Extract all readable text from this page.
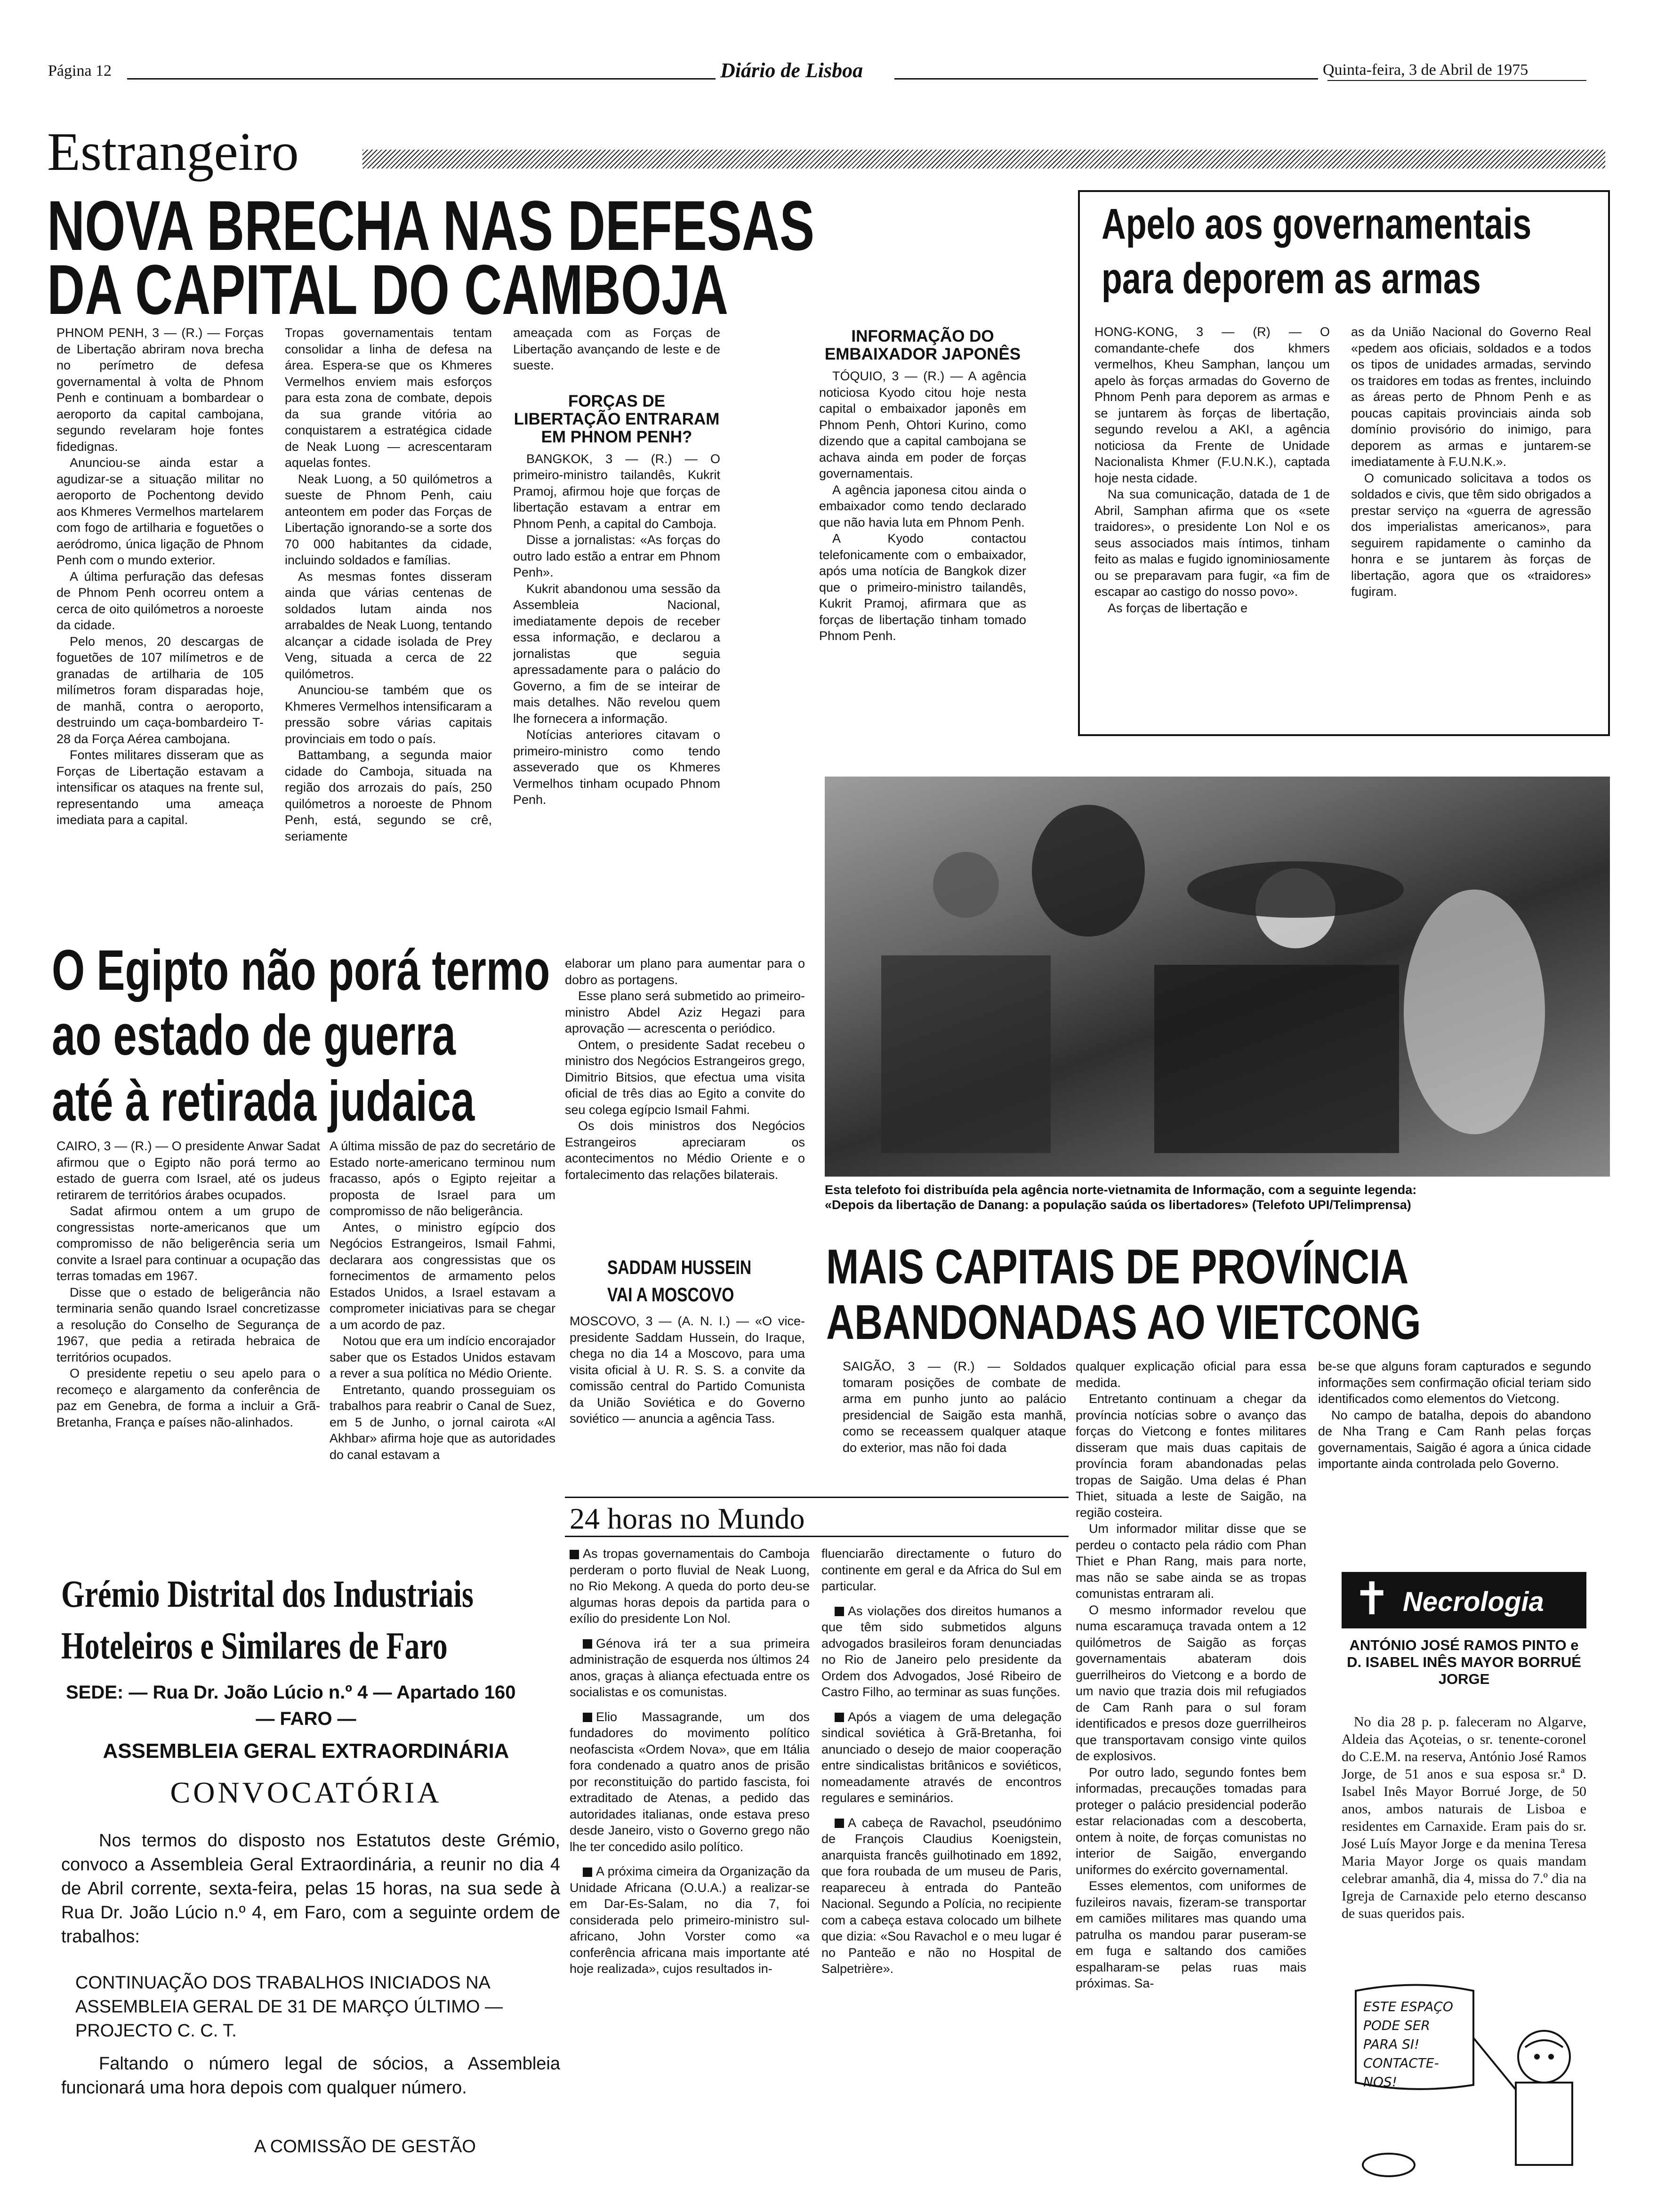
Página 12	Diário de Lisboa	Quinta-feira, 3 de Abril de 1975
Estrangeiro
NOVA BRECHA NAS DEFESAS
DA CAPITAL DO CAMBOJA

PHNOM PENH, 3 — (R.) — Forças de Libertação abriram nova brecha no perímetro de defesa governamental à volta de Phnom Penh e continuam a bombardear o aeroporto da capital cambojana, segundo revelaram hoje fontes fidedignas.

Anunciou-se ainda estar a agudizar-se a situação militar no aeroporto de Pochentong devido aos Khmeres Vermelhos martelarem com fogo de artilharia e foguetões o aeródromo, única ligação de Phnom Penh com o mundo exterior.

A última perfuração das defesas de Phnom Penh ocorreu ontem a cerca de oito quilómetros a noroeste da cidade.

Pelo menos, 20 descargas de foguetões de 107 milímetros e de granadas de artilharia de 105 milímetros foram disparadas hoje, de manhã, contra o aeroporto, destruindo um caça-bombardeiro T-28 da Força Aérea cambojana.

Fontes militares disseram que as Forças de Libertação estavam a intensificar os ataques na frente sul, representando uma ameaça imediata para a capital.

Tropas governamentais tentam consolidar a linha de defesa na área. Espera-se que os Khmeres Vermelhos enviem mais esforços para esta zona de combate, depois da sua grande vitória ao conquistarem a estratégica cidade de Neak Luong — acrescentaram aquelas fontes.

Neak Luong, a 50 quilómetros a sueste de Phnom Penh, caiu anteontem em poder das Forças de Libertação ignorando-se a sorte dos 70 000 habitantes da cidade, incluindo soldados e famílias.

As mesmas fontes disseram ainda que várias centenas de soldados lutam ainda nos arrabaldes de Neak Luong, tentando alcançar a cidade isolada de Prey Veng, situada a cerca de 22 quilómetros.

Anunciou-se também que os Khmeres Vermelhos intensificaram a pressão sobre várias capitais provinciais em todo o país.

Battambang, a segunda maior cidade do Camboja, situada na região dos arrozais do país, 250 quilómetros a noroeste de Phnom Penh, está, segundo se crê, seriamente

ameaçada com as Forças de Libertação avançando de leste e de sueste.

FORÇAS DE LIBERTAÇÃO ENTRARAM EM PHNOM PENH?

BANGKOK, 3 — (R.) — O primeiro-ministro tailandês, Kukrit Pramoj, afirmou hoje que forças de libertação estavam a entrar em Phnom Penh, a capital do Camboja.

Disse a jornalistas: «As forças do outro lado estão a entrar em Phnom Penh».

Kukrit abandonou uma sessão da Assembleia Nacional, imediatamente depois de receber essa informação, e declarou a jornalistas que seguia apressadamente para o palácio do Governo, a fim de se inteirar de mais detalhes. Não revelou quem lhe fornecera a informação.

Notícias anteriores citavam o primeiro-ministro como tendo asseverado que os Khmeres Vermelhos tinham ocupado Phnom Penh.

INFORMAÇÃO DO EMBAIXADOR JAPONÊS

TÓQUIO, 3 — (R.) — A agência noticiosa Kyodo citou hoje nesta capital o embaixador japonês em Phnom Penh, Ohtori Kurino, como dizendo que a capital cambojana se achava ainda em poder de forças governamentais.

A agência japonesa citou ainda o embaixador como tendo declarado que não havia luta em Phnom Penh.

A Kyodo contactou telefonicamente com o embaixador, após uma notícia de Bangkok dizer que o primeiro-ministro tailandês, Kukrit Pramoj, afirmara que as forças de libertação tinham tomado Phnom Penh.

Apelo aos governamentais
para deporem as armas

HONG-KONG, 3 — (R) — O comandante-chefe dos khmers vermelhos, Kheu Samphan, lançou um apelo às forças armadas do Governo de Phnom Penh para deporem as armas e se juntarem às forças de libertação, segundo revelou a AKI, a agência noticiosa da Frente de Unidade Nacionalista Khmer (F.U.N.K.), captada hoje nesta cidade.

Na sua comunicação, datada de 1 de Abril, Samphan afirma que os «sete traidores», o presidente Lon Nol e os seus associados mais íntimos, tinham feito as malas e fugido ignominiosamente ou se preparavam para fugir, «a fim de escapar ao castigo do nosso povo».

As forças de libertação e

as da União Nacional do Governo Real «pedem aos oficiais, soldados e a todos os tipos de unidades armadas, servindo os traidores em todas as frentes, incluindo as áreas perto de Phnom Penh e as poucas capitais provinciais ainda sob domínio provisório do inimigo, para deporem as armas e juntarem-se imediatamente à F.U.N.K.».

O comunicado solicitava a todos os soldados e civis, que têm sido obrigados a prestar serviço na «guerra de agressão dos imperialistas americanos», para seguirem rapidamente o caminho da honra e se juntarem às forças de libertação, agora que os «traidores» fugiram.

Esta telefoto foi distribuída pela agência norte-vietnamita de Informação, com a seguinte legenda:
«Depois da libertação de Danang: a população saúda os libertadores» (Telefoto UPI/Telimprensa)
O Egipto não porá termo
ao estado de guerra
até à retirada judaica

CAIRO, 3 — (R.) — O presidente Anwar Sadat afirmou que o Egipto não porá termo ao estado de guerra com Israel, até os judeus retirarem de territórios árabes ocupados.

Sadat afirmou ontem a um grupo de congressistas norte-americanos que um compromisso de não beligerência seria um convite a Israel para continuar a ocupação das terras tomadas em 1967.

Disse que o estado de beligerância não terminaria senão quando Israel concretizasse a resolução do Conselho de Segurança de 1967, que pedia a retirada hebraica de territórios ocupados.

O presidente repetiu o seu apelo para o recomeço e alargamento da conferência de paz em Genebra, de forma a incluir a Grã-Bretanha, França e países não-alinhados.

A última missão de paz do secretário de Estado norte-americano terminou num fracasso, após o Egipto rejeitar a proposta de Israel para um compromisso de não beligerância.

Antes, o ministro egípcio dos Negócios Estrangeiros, Ismail Fahmi, declarara aos congressistas que os fornecimentos de armamento pelos Estados Unidos, a Israel estavam a comprometer iniciativas para se chegar a um acordo de paz.

Notou que era um indício encorajador saber que os Estados Unidos estavam a rever a sua política no Médio Oriente.

Entretanto, quando prosseguiam os trabalhos para reabrir o Canal de Suez, em 5 de Junho, o jornal cairota «Al Akhbar» afirma hoje que as autoridades do canal estavam a

elaborar um plano para aumentar para o dobro as portagens.

Esse plano será submetido ao primeiro-ministro Abdel Aziz Hegazi para aprovação — acrescenta o periódico.

Ontem, o presidente Sadat recebeu o ministro dos Negócios Estrangeiros grego, Dimitrio Bitsios, que efectua uma visita oficial de três dias ao Egito a convite do seu colega egípcio Ismail Fahmi.

Os dois ministros dos Negócios Estrangeiros apreciaram os acontecimentos no Médio Oriente e o fortalecimento das relações bilaterais.

SADDAM HUSSEIN
VAI A MOSCOVO

MOSCOVO, 3 — (A. N. I.) — «O vice-presidente Saddam Hussein, do Iraque, chega no dia 14 a Moscovo, para uma visita oficial à U. R. S. S. a convite da comissão central do Partido Comunista da União Soviética e do Governo soviético — anuncia a agência Tass.

Grémio Distrital dos Industriais
Hoteleiros e Similares de Faro
SEDE: — Rua Dr. João Lúcio n.º 4 — Apartado 160
— FARO —
ASSEMBLEIA GERAL EXTRAORDINÁRIA
CONVOCATÓRIA
Nos termos do disposto nos Estatutos deste Grémio, convoco a Assembleia Geral Extraordinária, a reunir no dia 4 de Abril corrente, sexta-feira, pelas 15 horas, na sua sede à Rua Dr. João Lúcio n.º 4, em Faro, com a seguinte ordem de trabalhos:
CONTINUAÇÃO DOS TRABALHOS INICIADOS NA ASSEMBLEIA GERAL DE 31 DE MARÇO ÚLTIMO — PROJECTO C. C. T.
Faltando o número legal de sócios, a Assembleia funcionará uma hora depois com qualquer número.
A COMISSÃO DE GESTÃO
MAIS CAPITAIS DE PROVÍNCIA
ABANDONADAS AO VIETCONG

SAIGÃO, 3 — (R.) — Soldados tomaram posições de combate de arma em punho junto ao palácio presidencial de Saigão esta manhã, como se receassem qualquer ataque do exterior, mas não foi dada

qualquer explicação oficial para essa medida.

Entretanto continuam a chegar da província notícias sobre o avanço das forças do Vietcong e fontes militares disseram que mais duas capitais de província foram abandonadas pelas tropas de Saigão. Uma delas é Phan Thiet, situada a leste de Saigão, na região costeira.

Um informador militar disse que se perdeu o contacto pela rádio com Phan Thiet e Phan Rang, mais para norte, mas não se sabe ainda se as tropas comunistas entraram ali.

O mesmo informador revelou que numa escaramuça travada ontem a 12 quilómetros de Saigão as forças governamentais abateram dois guerrilheiros do Vietcong e a bordo de um navio que trazia dois mil refugiados de Cam Ranh para o sul foram identificados e presos doze guerrilheiros que transportavam consigo vinte quilos de explosivos.

Por outro lado, segundo fontes bem informadas, precauções tomadas para proteger o palácio presidencial poderão estar relacionadas com a descoberta, ontem à noite, de forças comunistas no interior de Saigão, envergando uniformes do exército governamental.

Esses elementos, com uniformes de fuzileiros navais, fizeram-se transportar em camiões militares mas quando uma patrulha os mandou parar puseram-se em fuga e saltando dos camiões espalharam-se pelas ruas mais próximas. Sa-

be-se que alguns foram capturados e segundo informações sem confirmação oficial teriam sido identificados como elementos do Vietcong.

No campo de batalha, depois do abandono de Nha Trang e Cam Ranh pelas forças governamentais, Saigão é agora a única cidade importante ainda controlada pelo Governo.

24 horas no Mundo

As tropas governamentais do Camboja perderam o porto fluvial de Neak Luong, no Rio Mekong. A queda do porto deu-se algumas horas depois da partida para o exílio do presidente Lon Nol.

Génova irá ter a sua primeira administração de esquerda nos últimos 24 anos, graças à aliança efectuada entre os socialistas e os comunistas.

Elio Massagrande, um dos fundadores do movimento político neofascista «Ordem Nova», que em Itália fora condenado a quatro anos de prisão por reconstituição do partido fascista, foi extraditado de Atenas, a pedido das autoridades italianas, onde estava preso desde Janeiro, visto o Governo grego não lhe ter concedido asilo político.

A próxima cimeira da Organização da Unidade Africana (O.U.A.) a realizar-se em Dar-Es-Salam, no dia 7, foi considerada pelo primeiro-ministro sul-africano, John Vorster como «a conferência africana mais importante até hoje realizada», cujos resultados in-

fluenciarão directamente o futuro do continente em geral e da Africa do Sul em particular.

As violações dos direitos humanos a que têm sido submetidos alguns advogados brasileiros foram denunciadas no Rio de Janeiro pelo presidente da Ordem dos Advogados, José Ribeiro de Castro Filho, ao terminar as suas funções.

Após a viagem de uma delegação sindical soviética à Grã-Bretanha, foi anunciado o desejo de maior cooperação entre sindicalistas britânicos e soviéticos, nomeadamente através de encontros regulares e seminários.

A cabeça de Ravachol, pseudónimo de François Claudius Koenigstein, anarquista francês guilhotinado em 1892, que fora roubada de um museu de Paris, reapareceu à entrada do Panteão Nacional. Segundo a Polícia, no recipiente com a cabeça estava colocado um bilhete que dizia: «Sou Ravachol e o meu lugar é no Panteão e não no Hospital de Salpetrière».

✝ Necrologia
ANTÓNIO JOSÉ RAMOS PINTO e
D. ISABEL INÊS MAYOR BORRUÉ JORGE
No dia 28 p. p. faleceram no Algarve, Aldeia das Açoteias, o sr. tenente-coronel do C.E.M. na reserva, António José Ramos Jorge, de 51 anos e sua esposa sr.ª D. Isabel Inês Mayor Borrué Jorge, de 50 anos, ambos naturais de Lisboa e residentes em Carnaxide. Eram pais do sr. José Luís Mayor Jorge e da menina Teresa Maria Mayor Jorge os quais mandam celebrar amanhã, dia 4, missa do 7.º dia na Igreja de Carnaxide pelo eterno descanso de suas queridos pais.
ESTE ESPAÇO PODE SER PARA SI! CONTACTE-NOS!
